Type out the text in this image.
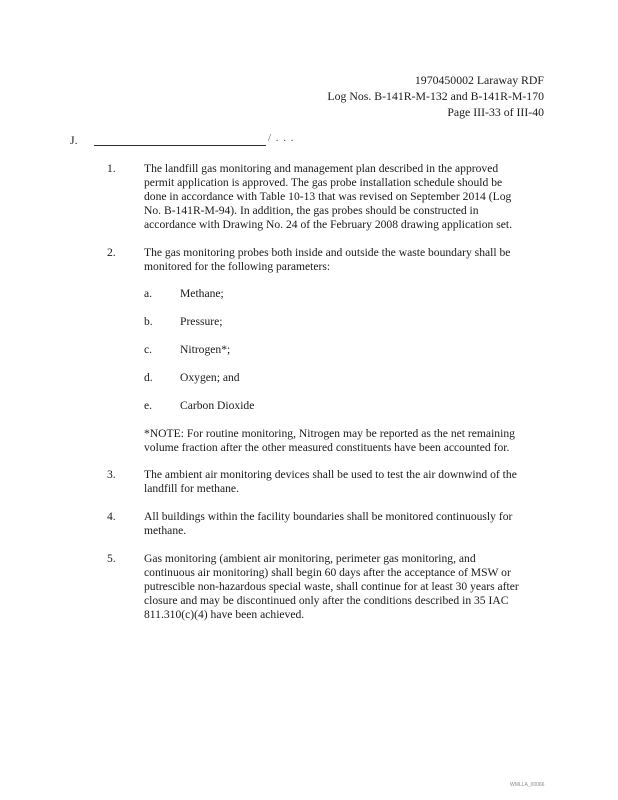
1970450002 Laraway RDF
Log Nos. B-141R-M-132 and B-141R-M-170
Page III-33 of III-40
J.	/ . . .
1. The landfill gas monitoring and management plan described in the approved
permit application is approved. The gas probe installation schedule should be
done in accordance with Table 10-13 that was revised on September 2014 (Log
No. B-141R-M-94). In addition, the gas probes should be constructed in
accordance with Drawing No. 24 of the February 2008 drawing application set.
2. The gas monitoring probes both inside and outside the waste boundary shall be
monitored for the following parameters:
a. Methane;
b. Pressure;
c. Nitrogen*;
d. Oxygen; and
e. Carbon Dioxide
*NOTE: For routine monitoring, Nitrogen may be reported as the net remaining
volume fraction after the other measured constituents have been accounted for.
3. The ambient air monitoring devices shall be used to test the air downwind of the
landfill for methane.
4. All buildings within the facility boundaries shall be monitored continuously for
methane.
5. Gas monitoring (ambient air monitoring, perimeter gas monitoring, and
continuous air monitoring) shall begin 60 days after the acceptance of MSW or
putrescible non-hazardous special waste, shall continue for at least 30 years after
closure and may be discontinued only after the conditions described in 35 IAC
811.310(c)(4) have been achieved.
WMLLA_00066
